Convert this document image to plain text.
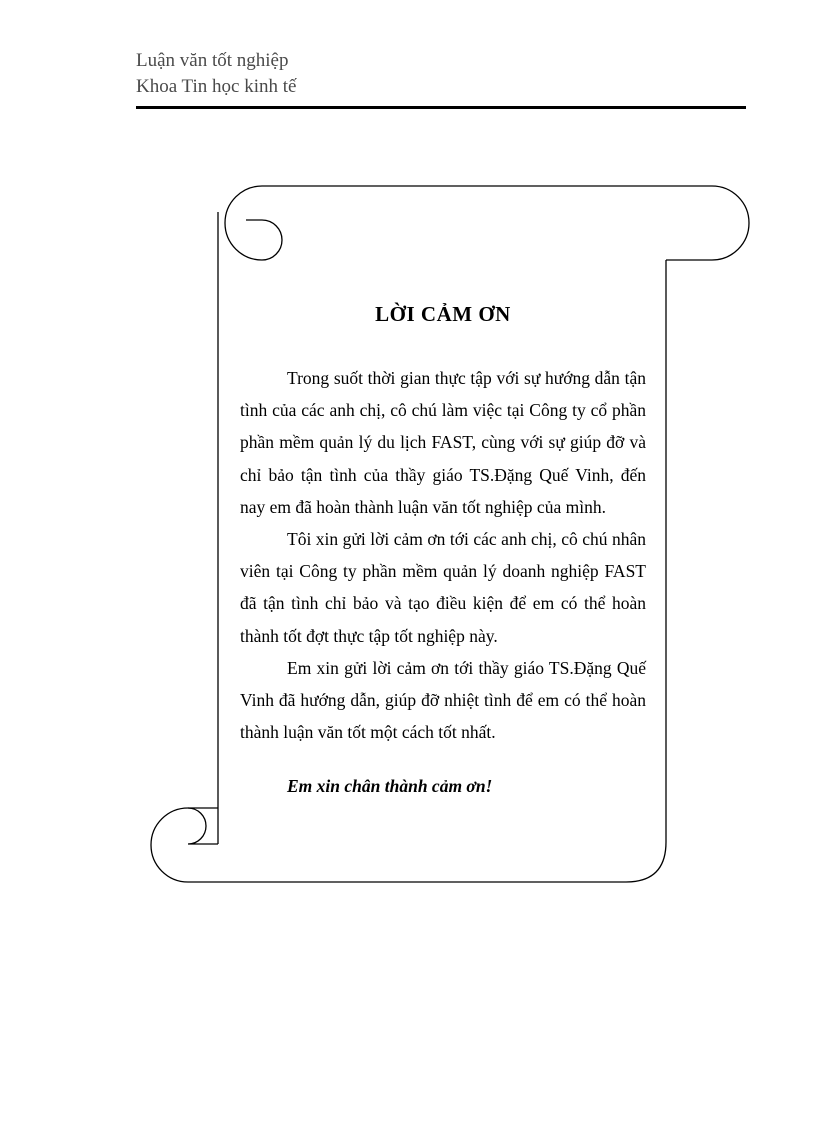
Luận văn tốt nghiệp
Khoa Tin học kinh tế
LỜI CẢM ƠN

Trong suốt thời gian thực tập với sự hướng dẫn tận tình của các anh chị, cô chú làm việc tại Công ty cổ phần phần mềm quản lý du lịch FAST, cùng với sự giúp đỡ và chỉ bảo tận tình của thầy giáo TS.Đặng Quế Vinh, đến nay em đã hoàn thành luận văn tốt nghiệp của mình.

Tôi xin gửi lời cảm ơn tới các anh chị, cô chú nhân viên tại Công ty phần mềm quản lý doanh nghiệp FAST đã tận tình chỉ bảo và tạo điều kiện để em có thể hoàn thành tốt đợt thực tập tốt nghiệp này.

Em xin gửi lời cảm ơn tới thầy giáo TS.Đặng Quế Vinh đã hướng dẫn, giúp đỡ nhiệt tình để em có thể hoàn thành luận văn tốt một cách tốt nhất.

Em xin chân thành cảm ơn!
